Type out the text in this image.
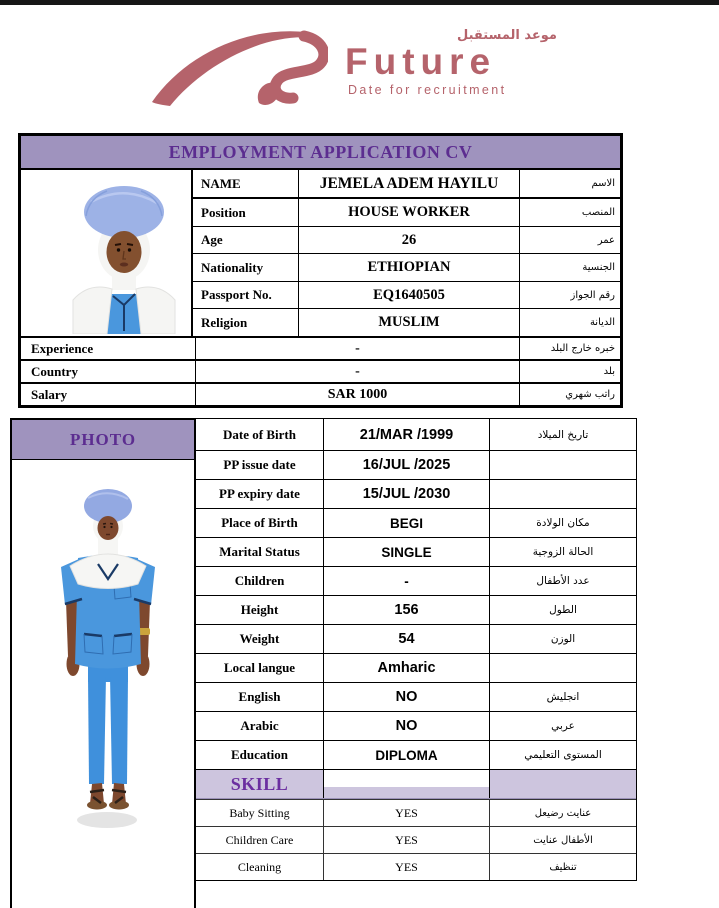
موعد المستقبل
Future
Date for recruitment
EMPLOYMENT APPLICATION CV
NAME	JEMELA ADEM HAYILU	الاسم
Position	HOUSE WORKER	المنصب
Age	26	عمر
Nationality	ETHIOPIAN	الجنسية
Passport No.	EQ1640505	رقم الجواز
Religion	MUSLIM	الديانة
Experience	-	خبره خارج البلد
Country	-	بلد
Salary	SAR 1000	راتب شهري
PHOTO	Date of Birth	21/MAR /1999	تاريخ الميلاد
PP issue date	16/JUL /2025
PP expiry date	15/JUL /2030
Place of Birth	BEGI	مكان الولادة
Marital Status	SINGLE	الحالة الزوجية
Children	-	عدد الأطفال
Height	156	الطول
Weight	54	الوزن
Local langue	Amharic
English	NO	انجليش
Arabic	NO	عربي
Education	DIPLOMA	المستوى التعليمي
SKILL
Baby Sitting	YES	عنايت رضيعل
Children Care	YES	الأطفال عنايت
Cleaning	YES	تنظيف
